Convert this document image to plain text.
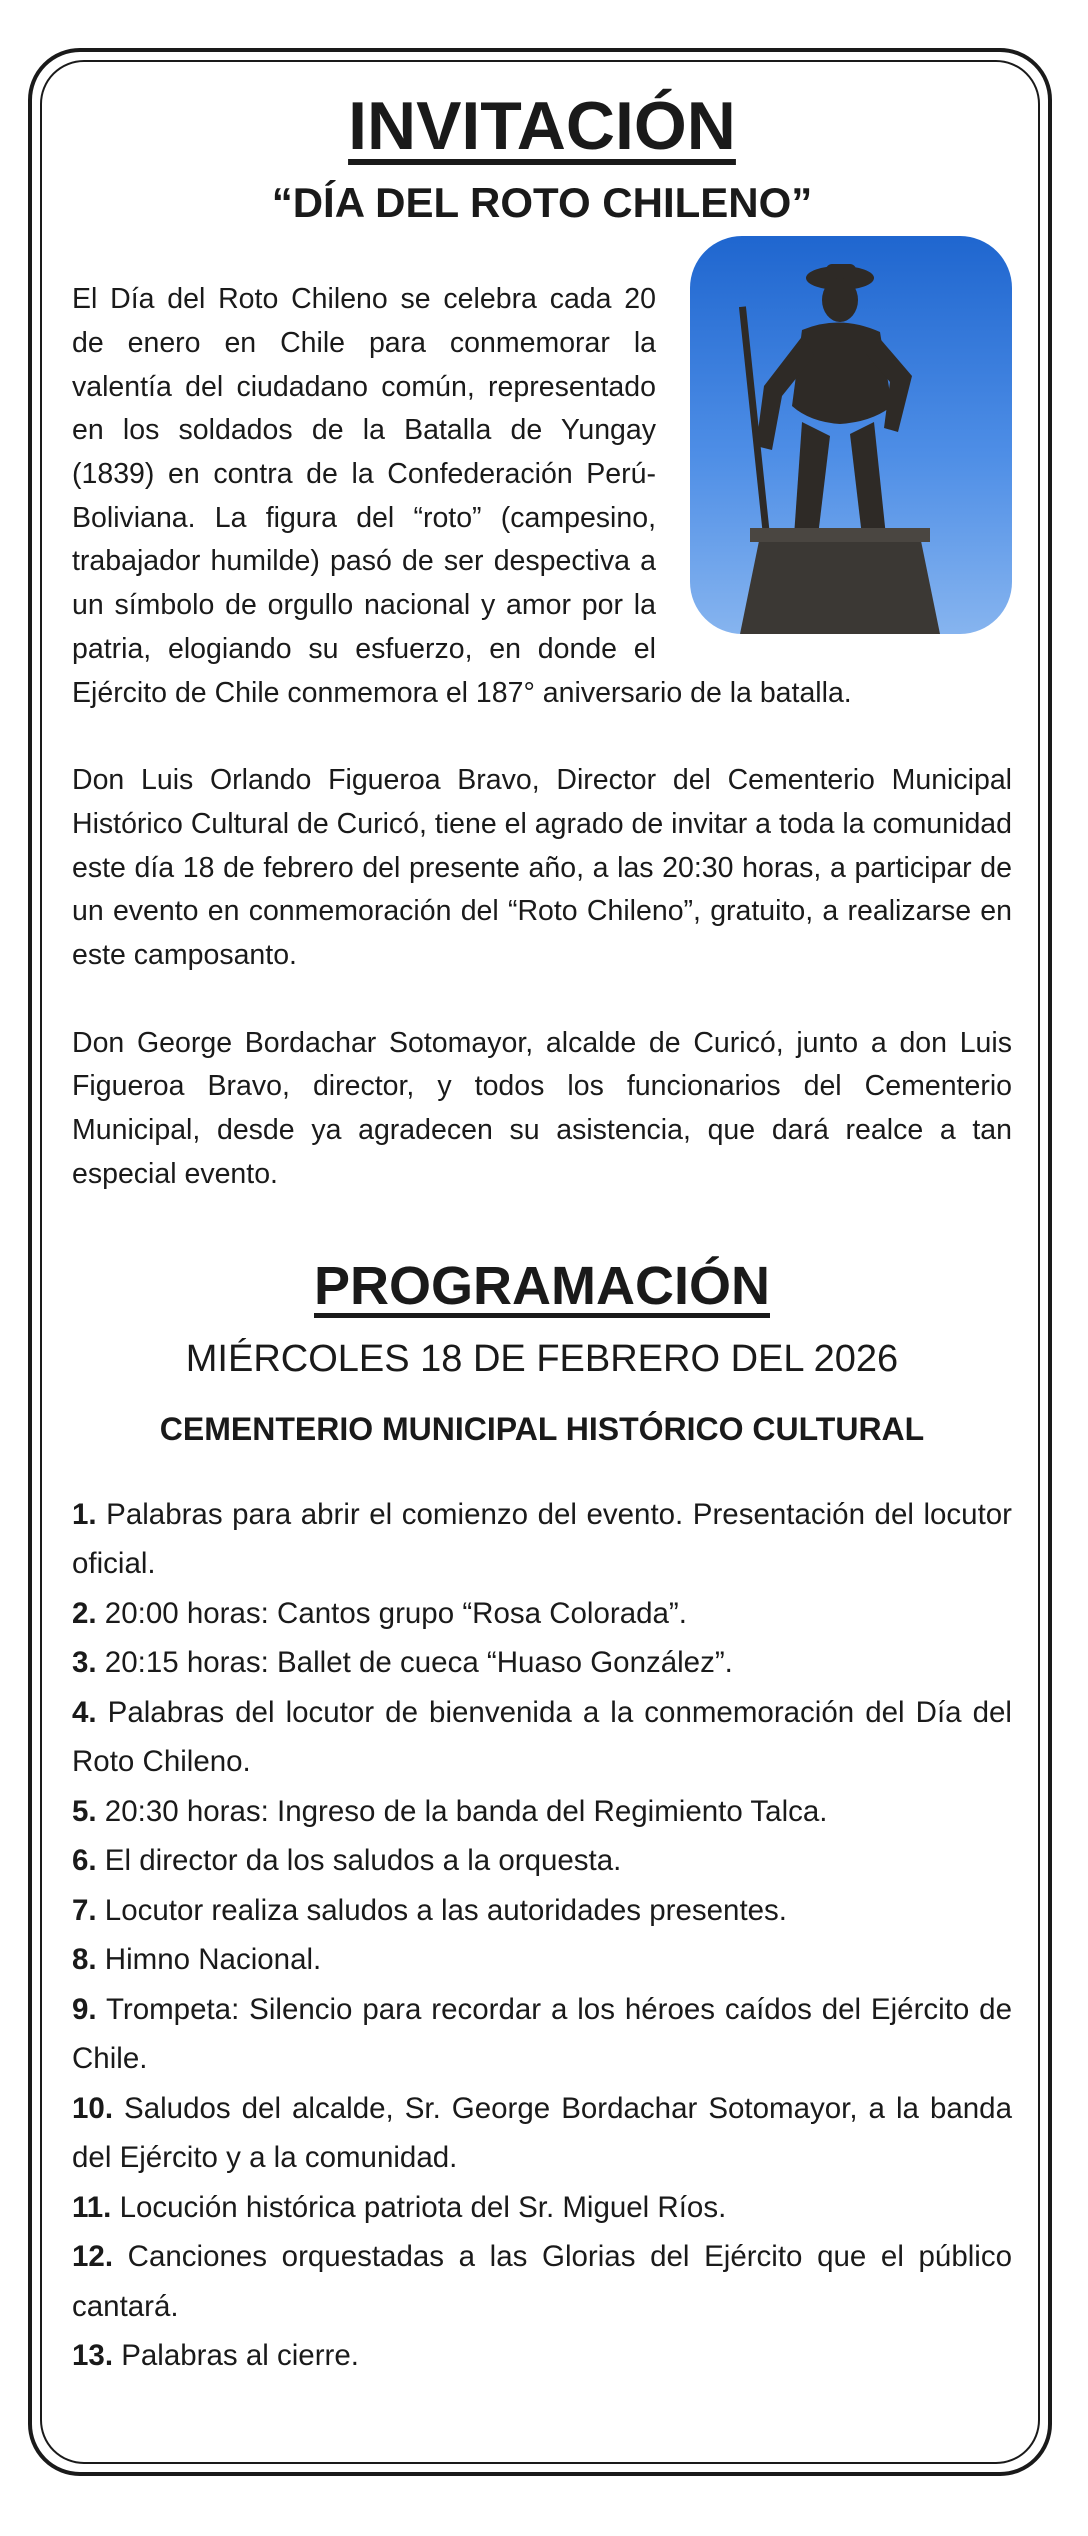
INVITACIÓN
“DÍA DEL ROTO CHILENO”

El Día del Roto Chileno se celebra cada 20 de enero en Chile para conmemorar la valentía del ciudadano común, representado en los soldados de la Batalla de Yungay (1839) en contra de la Confederación Perú-Boliviana. La figura del “roto” (campesino, trabajador humilde) pasó de ser despectiva a un símbolo de orgullo nacional y amor por la patria, elogiando su esfuerzo, en donde el Ejército de Chile conmemora el 187° aniversario de la batalla.

Don Luis Orlando Figueroa Bravo, Director del Cementerio Municipal Histórico Cultural de Curicó, tiene el agrado de invitar a toda la comunidad este día 18 de febrero del presente año, a las 20:30 horas, a participar de un evento en conmemoración del “Roto Chileno”, gratuito, a realizarse en este camposanto.

Don George Bordachar Sotomayor, alcalde de Curicó, junto a don Luis Figueroa Bravo, director, y todos los funcionarios del Cementerio Municipal, desde ya agradecen su asistencia, que dará realce a tan especial evento.

PROGRAMACIÓN

MIÉRCOLES 18 DE FEBRERO DEL 2026

CEMENTERIO MUNICIPAL HISTÓRICO CULTURAL

1. Palabras para abrir el comienzo del evento. Presentación del locutor oficial.
2. 20:00 horas: Cantos grupo “Rosa Colorada”.
3. 20:15 horas: Ballet de cueca “Huaso González”.
4. Palabras del locutor de bienvenida a la conmemoración del Día del Roto Chileno.
5. 20:30 horas: Ingreso de la banda del Regimiento Talca.
6. El director da los saludos a la orquesta.
7. Locutor realiza saludos a las autoridades presentes.
8. Himno Nacional.
9. Trompeta: Silencio para recordar a los héroes caídos del Ejército de Chile.
10. Saludos del alcalde, Sr. George Bordachar Sotomayor, a la banda del Ejército y a la comunidad.
11. Locución histórica patriota del Sr. Miguel Ríos.
12. Canciones orquestadas a las Glorias del Ejército que el público cantará.
13. Palabras al cierre.
